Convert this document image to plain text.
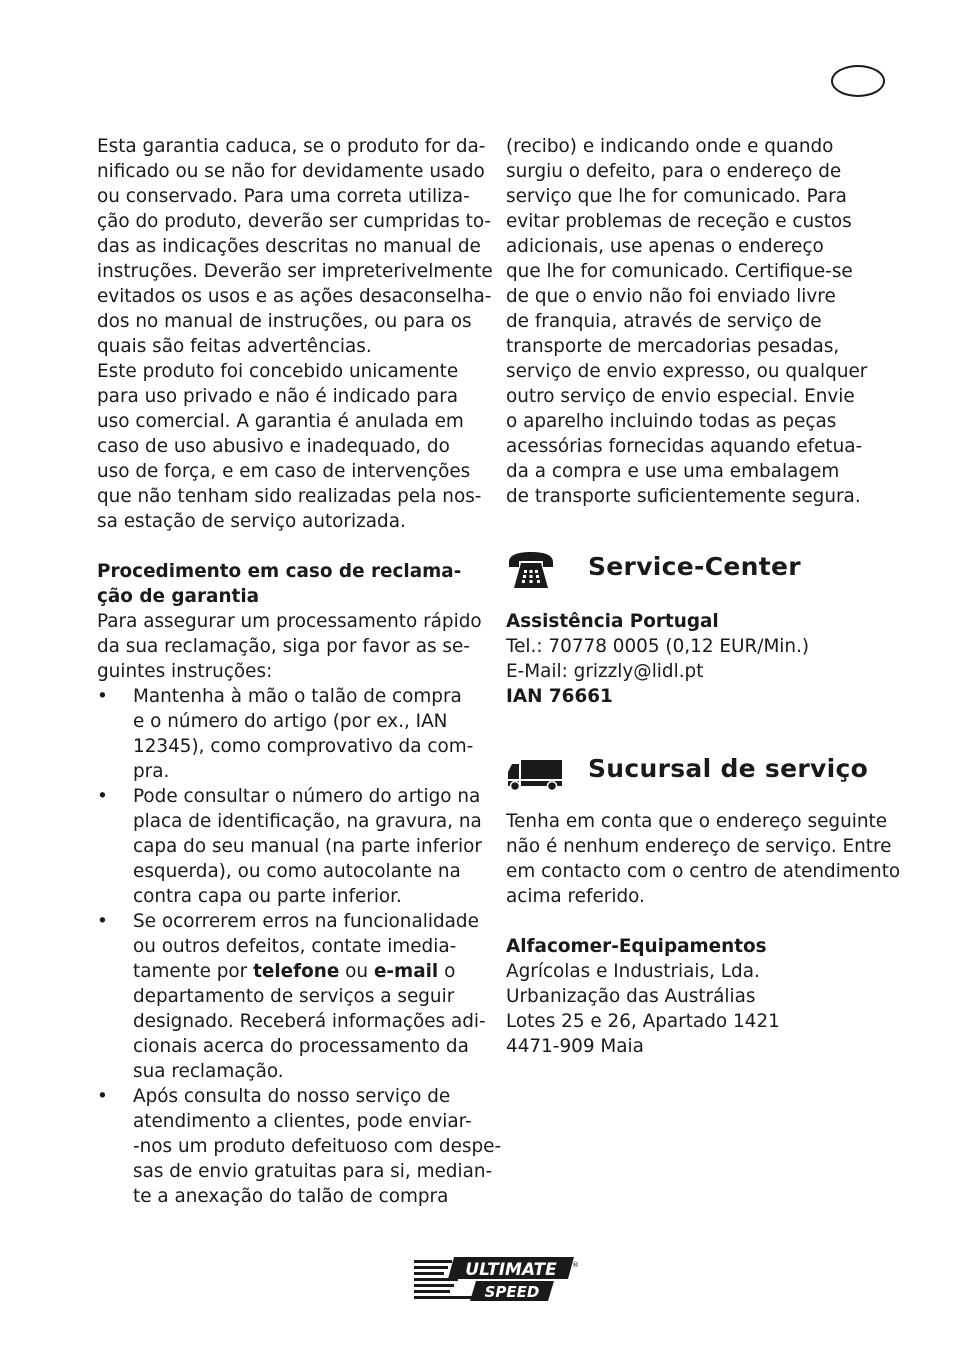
Esta garantia caduca, se o produto for da-
nificado ou se não for devidamente usado
ou conservado. Para uma correta utiliza-
ção do produto, deverão ser cumpridas to-
das as indicações descritas no manual de
instruções. Deverão ser impreterivelmente
evitados os usos e as ações desaconselha-
dos no manual de instruções, ou para os
quais são feitas advertências.
Este produto foi concebido unicamente
para uso privado e não é indicado para
uso comercial. A garantia é anulada em
caso de uso abusivo e inadequado, do
uso de força, e em caso de intervenções
que não tenham sido realizadas pela nos-
sa estação de serviço autorizada.
Procedimento em caso de reclama-
ção de garantia
Para assegurar um processamento rápido
da sua reclamação, siga por favor as se-
guintes instruções:
• Mantenha à mão o talão de compra
e o número do artigo (por ex., IAN
12345), como comprovativo da com-
pra.
• Pode consultar o número do artigo na
placa de identificação, na gravura, na
capa do seu manual (na parte inferior
esquerda), ou como autocolante na
contra capa ou parte inferior.
• Se ocorrerem erros na funcionalidade
ou outros defeitos, contate imedia-
tamente por telefone ou e-mail o
departamento de serviços a seguir
designado. Receberá informações adi-
cionais acerca do processamento da
sua reclamação.
• Após consulta do nosso serviço de
atendimento a clientes, pode enviar-
-nos um produto defeituoso com despe-
sas de envio gratuitas para si, median-
te a anexação do talão de compra
(recibo) e indicando onde e quando
surgiu o defeito, para o endereço de
serviço que lhe for comunicado. Para
evitar problemas de receção e custos
adicionais, use apenas o endereço
que lhe for comunicado. Certifique-se
de que o envio não foi enviado livre
de franquia, através de serviço de
transporte de mercadorias pesadas,
serviço de envio expresso, ou qualquer
outro serviço de envio especial. Envie
o aparelho incluindo todas as peças
acessórias fornecidas aquando efetua-
da a compra e use uma embalagem
de transporte suficientemente segura.
Service-Center
Assistência Portugal
Tel.: 70778 0005 (0,12 EUR/Min.)
E-Mail: grizzly@lidl.pt
IAN 76661
Sucursal de serviço
Tenha em conta que o endereço seguinte
não é nenhum endereço de serviço. Entre
em contacto com o centro de atendimento
acima referido.
Alfacomer-Equipamentos
Agrícolas e Industriais, Lda.
Urbanização das Austrálias
Lotes 25 e 26, Apartado 1421
4471-909 Maia
ULTIMATE
SPEED
®
